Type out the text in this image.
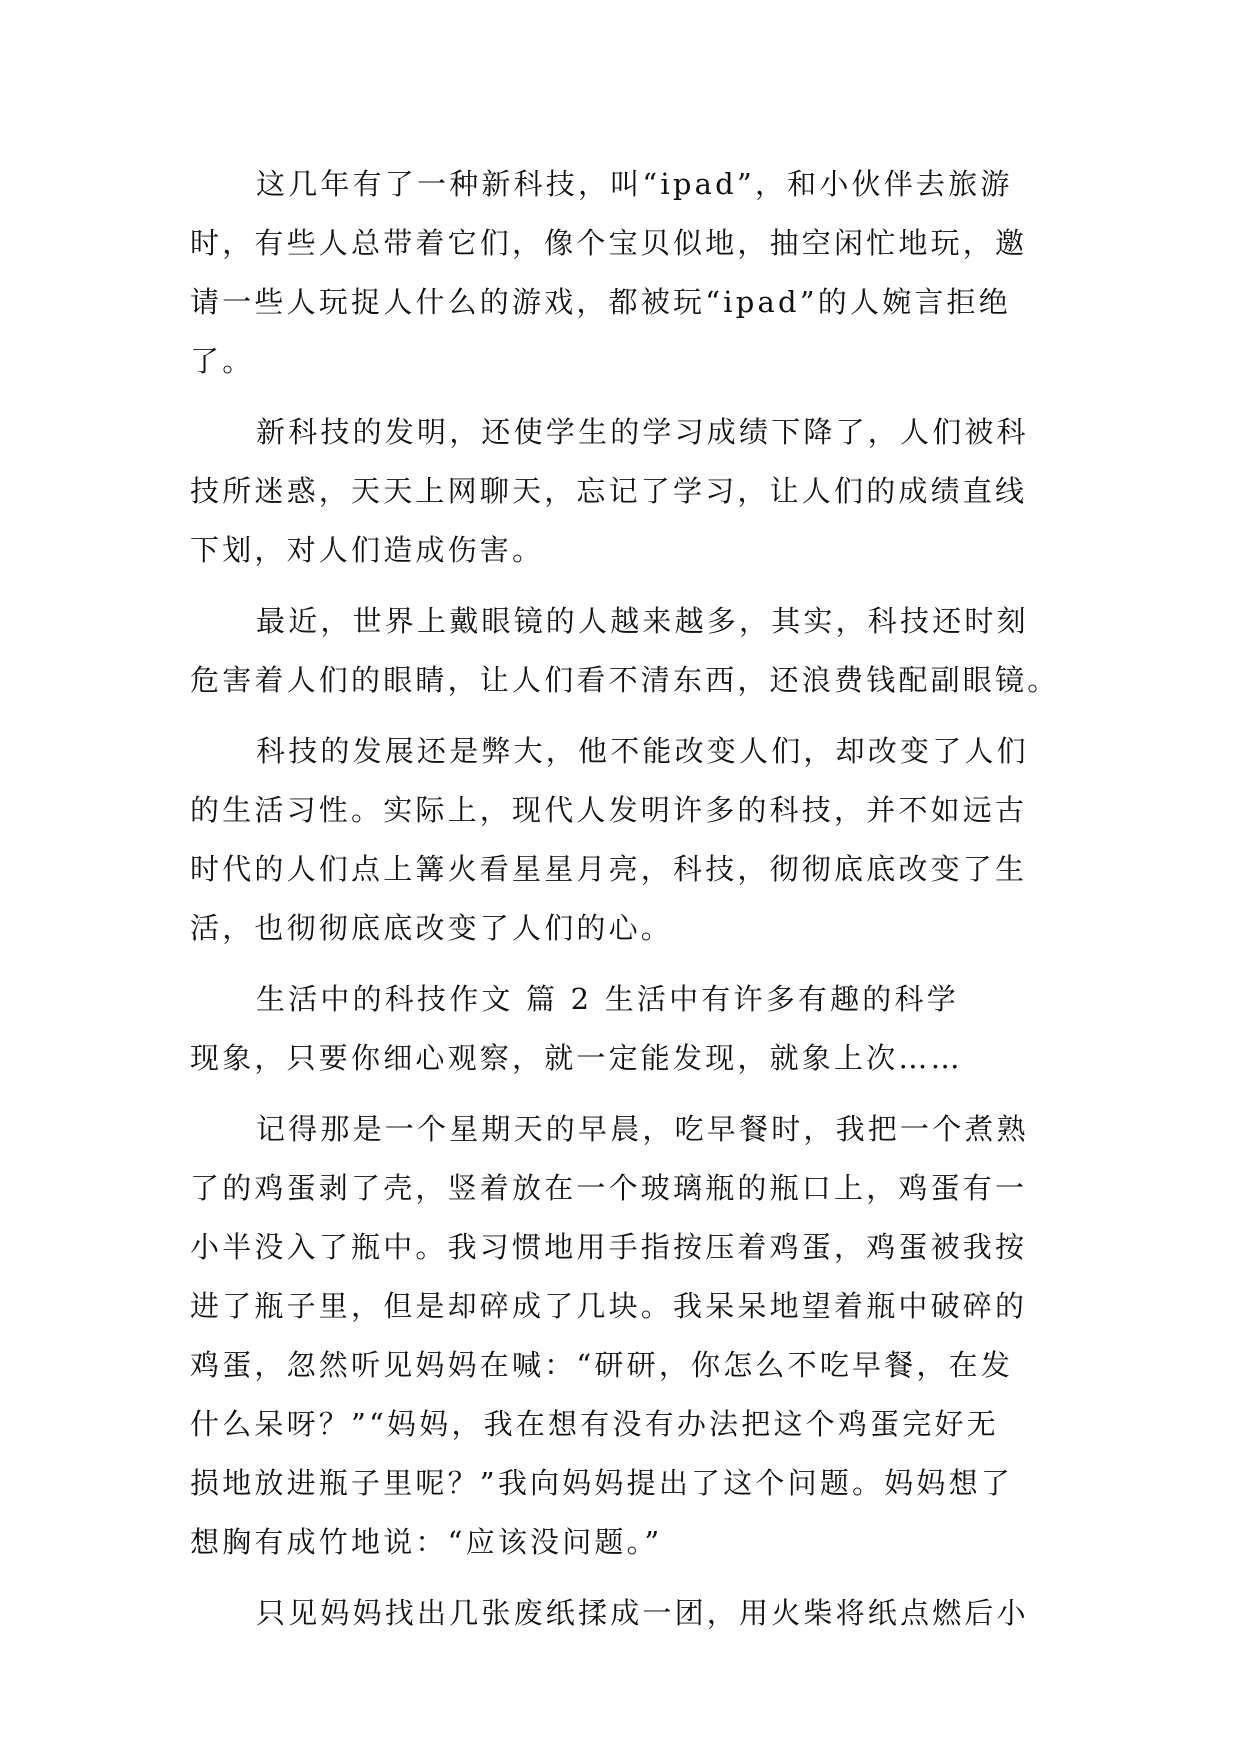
这几年有了一种新科技，叫“ipad”，和小伙伴去旅游
时，有些人总带着它们，像个宝贝似地，抽空闲忙地玩，邀
请一些人玩捉人什么的游戏，都被玩“ipad”的人婉言拒绝
了。
新科技的发明，还使学生的学习成绩下降了，人们被科
技所迷惑，天天上网聊天，忘记了学习，让人们的成绩直线
下划，对人们造成伤害。
最近，世界上戴眼镜的人越来越多，其实，科技还时刻
危害着人们的眼睛，让人们看不清东西，还浪费钱配副眼镜。
科技的发展还是弊大，他不能改变人们，却改变了人们
的生活习性。实际上，现代人发明许多的科技，并不如远古
时代的人们点上篝火看星星月亮，科技，彻彻底底改变了生
活，也彻彻底底改变了人们的心。
生活中的科技作文 篇 2 生活中有许多有趣的科学
现象，只要你细心观察，就一定能发现，就象上次……
记得那是一个星期天的早晨，吃早餐时，我把一个煮熟
了的鸡蛋剥了壳，竖着放在一个玻璃瓶的瓶口上，鸡蛋有一
小半没入了瓶中。我习惯地用手指按压着鸡蛋，鸡蛋被我按
进了瓶子里，但是却碎成了几块。我呆呆地望着瓶中破碎的
鸡蛋，忽然听见妈妈在喊：“研研，你怎么不吃早餐，在发
什么呆呀？”“妈妈，我在想有没有办法把这个鸡蛋完好无
损地放进瓶子里呢？”我向妈妈提出了这个问题。妈妈想了
想胸有成竹地说：“应该没问题。”
只见妈妈找出几张废纸揉成一团，用火柴将纸点燃后小
